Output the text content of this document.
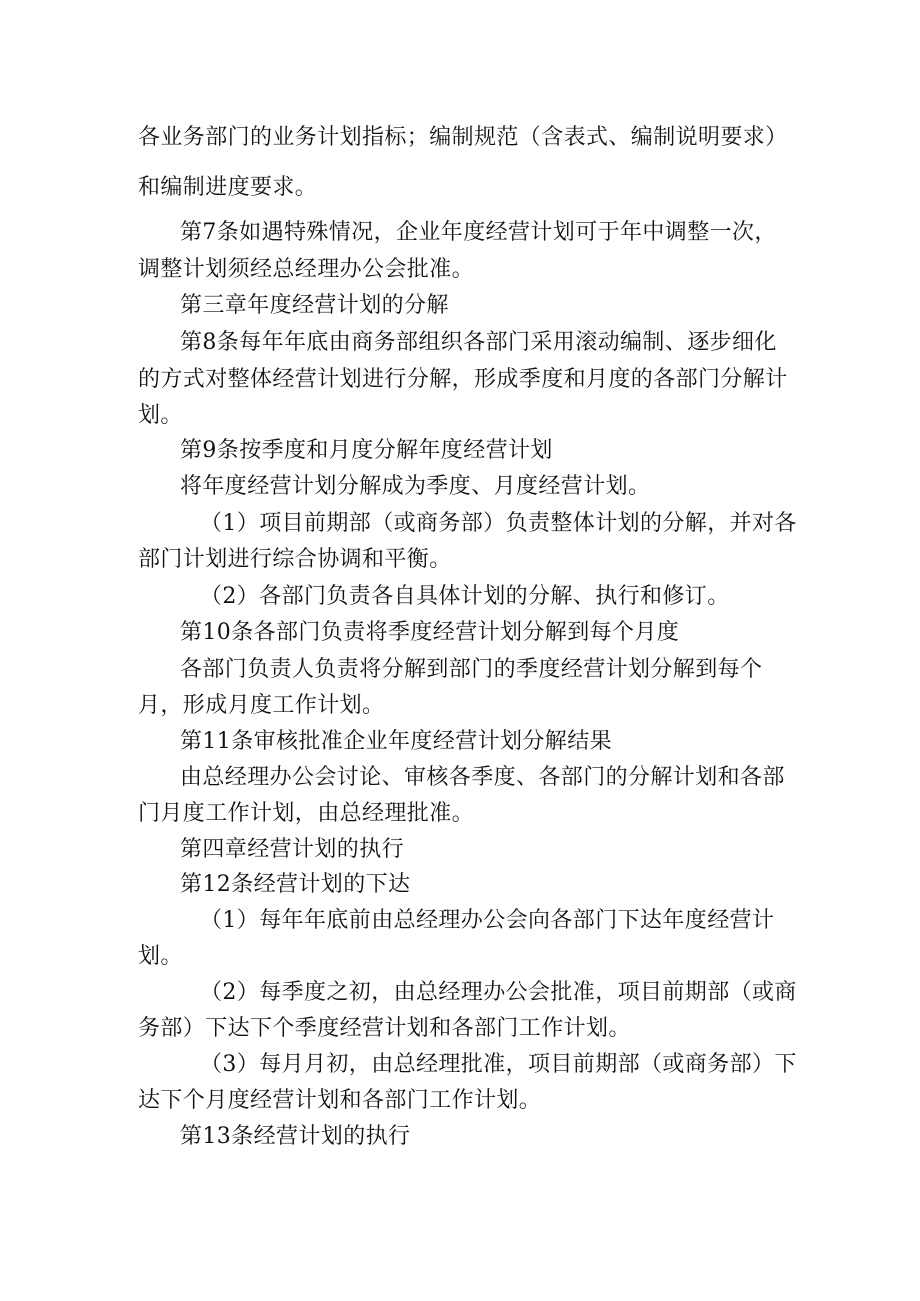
各业务部门的业务计划指标；编制规范（含表式、编制说明要求）
和编制进度要求。
第7条如遇特殊情况，企业年度经营计划可于年中调整一次，
调整计划须经总经理办公会批准。
第三章年度经营计划的分解
第8条每年年底由商务部组织各部门采用滚动编制、逐步细化
的方式对整体经营计划进行分解，形成季度和月度的各部门分解计
划。
第9条按季度和月度分解年度经营计划
将年度经营计划分解成为季度、月度经营计划。
（1）项目前期部（或商务部）负责整体计划的分解，并对各
部门计划进行综合协调和平衡。
（2）各部门负责各自具体计划的分解、执行和修订。
第10条各部门负责将季度经营计划分解到每个月度
各部门负责人负责将分解到部门的季度经营计划分解到每个
月，形成月度工作计划。
第11条审核批准企业年度经营计划分解结果
由总经理办公会讨论、审核各季度、各部门的分解计划和各部
门月度工作计划，由总经理批准。
第四章经营计划的执行
第12条经营计划的下达
（1）每年年底前由总经理办公会向各部门下达年度经营计
划。
（2）每季度之初，由总经理办公会批准，项目前期部（或商
务部）下达下个季度经营计划和各部门工作计划。
（3）每月月初，由总经理批准，项目前期部（或商务部）下
达下个月度经营计划和各部门工作计划。
第13条经营计划的执行
